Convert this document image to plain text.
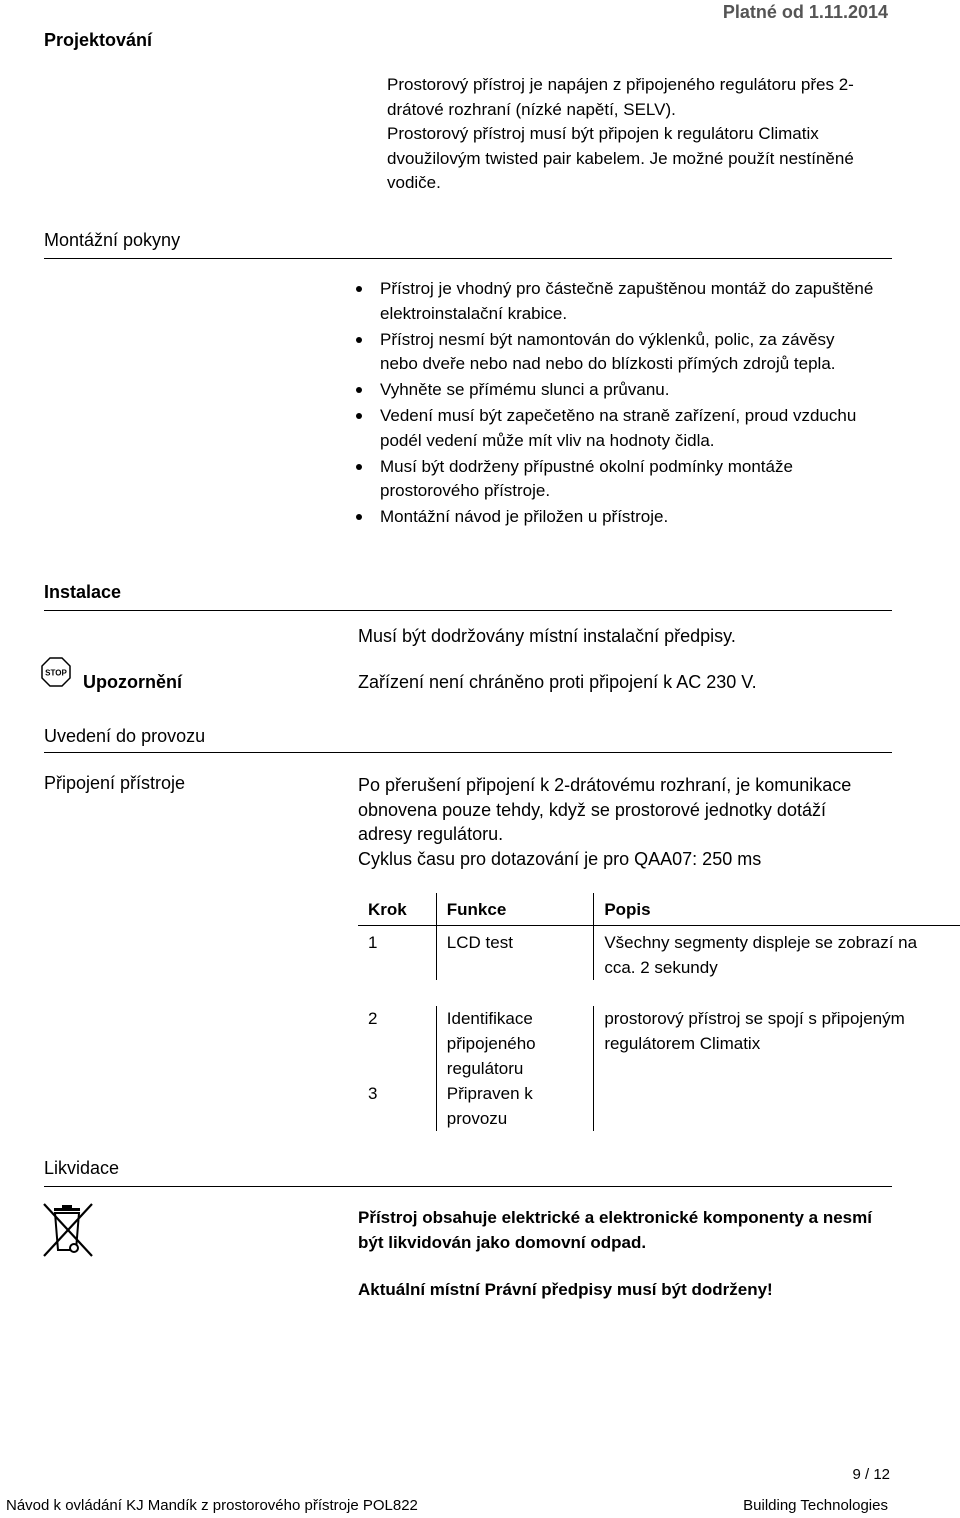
Platné od 1.11.2014
Projektování
Prostorový přístroj je napájen z připojeného regulátoru přes 2-
drátové rozhraní (nízké napětí, SELV).
Prostorový přístroj musí být připojen k regulátoru Climatix
dvoužilovým twisted pair kabelem. Je možné použít nestíněné
vodiče.
Montážní pokyny
Přístroj je vhodný pro částečně zapuštěnou montáž do zapuštěné elektroinstalační krabice.
Přístroj nesmí být namontován do výklenků, polic, za závěsy nebo dveře nebo nad nebo do blízkosti přímých zdrojů tepla.
Vyhněte se přímému slunci a průvanu.
Vedení musí být zapečetěno na straně zařízení, proud vzduchu podél vedení může mít vliv na hodnoty čidla.
Musí být dodrženy přípustné okolní podmínky montáže prostorového přístroje.
Montážní návod je přiložen u přístroje.
Instalace
Musí být dodržovány místní instalační předpisy.
STOP Upozornění	Zařízení není chráněno proti připojení k AC 230 V.
Uvedení do provozu
Připojení přístroje	Po přerušení připojení k 2-drátovému rozhraní, je komunikace
obnovena pouze tehdy, když se prostorové jednotky dotáží
adresy regulátoru.
Cyklus času pro dotazování je pro QAA07: 250 ms
Krok	Funkce	Popis
1	LCD test	Všechny segmenty displeje se zobrazí na cca. 2 sekundy

2	Identifikace připojeného regulátoru	prostorový přístroj se spojí s připojeným regulátorem Climatix
3	Připraven k provozu	
Likvidace
Přístroj obsahuje elektrické a elektronické komponenty a nesmí být likvidován jako domovní odpad.
Aktuální místní Právní předpisy musí být dodrženy!
9 / 12
Návod k ovládání KJ Mandík z prostorového přístroje POL822	Building Technologies
